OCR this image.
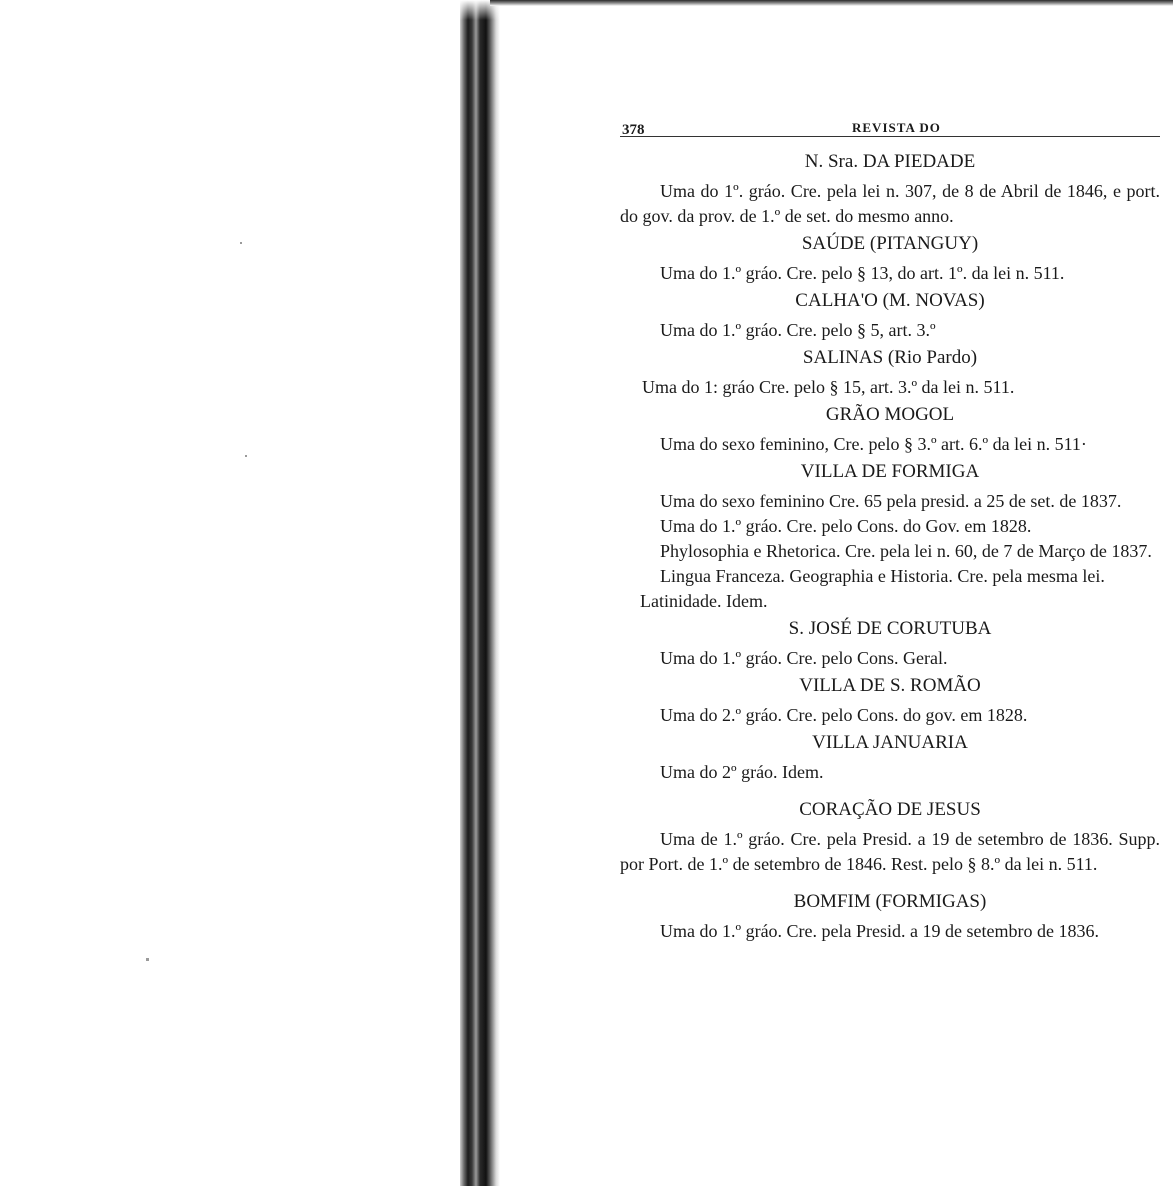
378	REVISTA DO
N. Sra. DA PIEDADE

Uma do 1º. gráo. Cre. pela lei n. 307, de 8 de Abril de 1846, e port. do gov. da prov. de 1.º de set. do mesmo anno.

SAÚDE (PITANGUY)

Uma do 1.º gráo. Cre. pelo § 13, do art. 1º. da lei n. 511.

CALHA'O (M. NOVAS)

Uma do 1.º gráo. Cre. pelo § 5, art. 3.º

SALINAS (Rio Pardo)

Uma do 1: gráo Cre. pelo § 15, art. 3.º da lei n. 511.

GRÃO MOGOL

Uma do sexo feminino, Cre. pelo § 3.º art. 6.º da lei n. 511·

VILLA DE FORMIGA

Uma do sexo feminino Cre. 65 pela presid. a 25 de set. de 1837.

Uma do 1.º gráo. Cre. pelo Cons. do Gov. em 1828.

Phylosophia e Rhetorica. Cre. pela lei n. 60, de 7 de Março de 1837.

Lingua Franceza. Geographia e Historia. Cre. pela mesma lei.

Latinidade. Idem.

S. JOSÉ DE CORUTUBA

Uma do 1.º gráo. Cre. pelo Cons. Geral.

VILLA DE S. ROMÃO

Uma do 2.º gráo. Cre. pelo Cons. do gov. em 1828.

VILLA JANUARIA

Uma do 2º gráo. Idem.

CORAÇÃO DE JESUS

Uma de 1.º gráo. Cre. pela Presid. a 19 de setembro de 1836. Supp. por Port. de 1.º de setembro de 1846. Rest. pelo § 8.º da lei n. 511.

BOMFIM (FORMIGAS)

Uma do 1.º gráo. Cre. pela Presid. a 19 de setembro de 1836.
